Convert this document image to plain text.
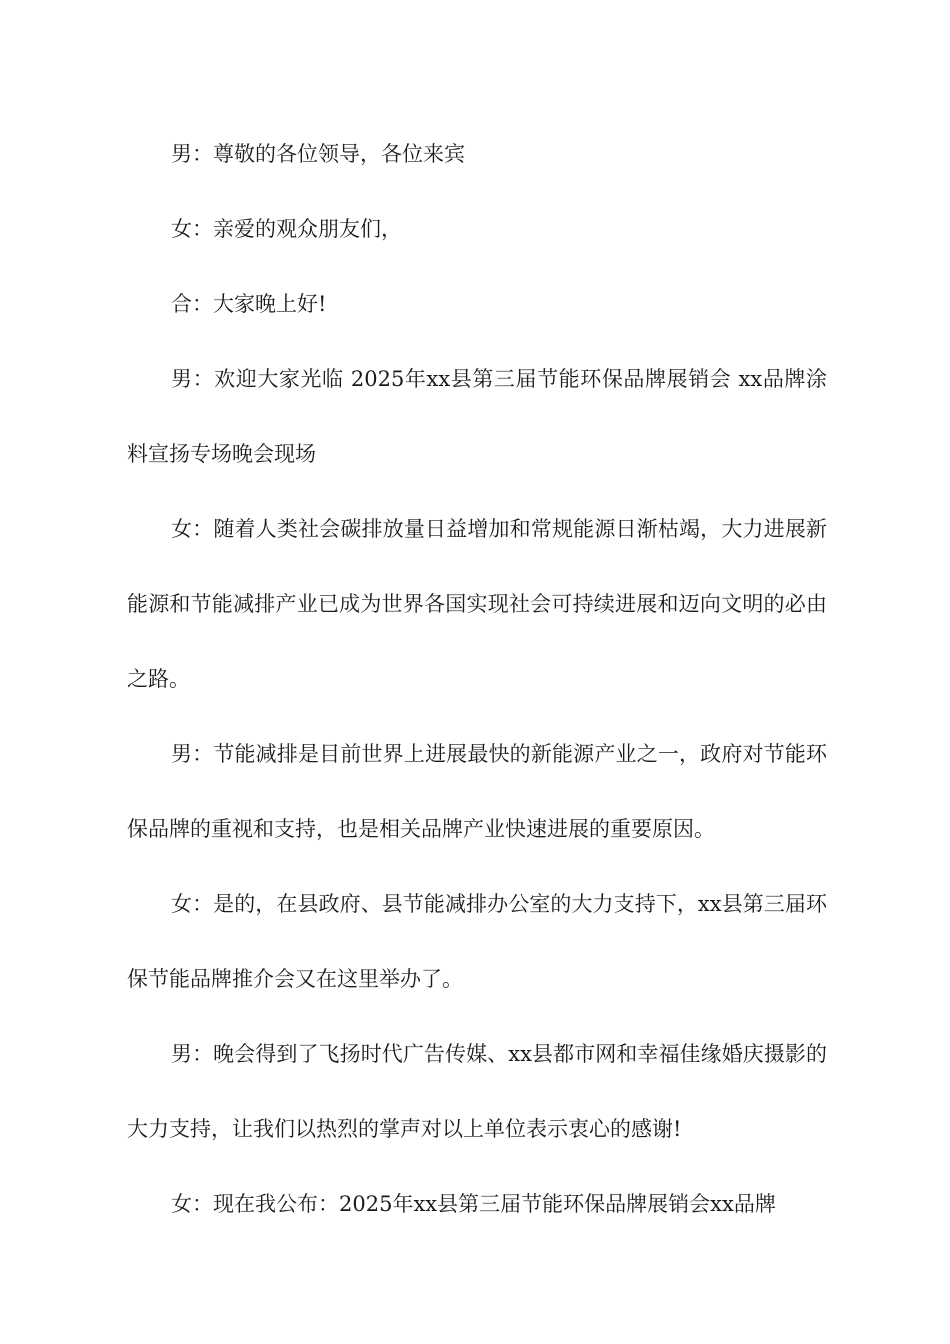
男：尊敬的各位领导，各位来宾

女：亲爱的观众朋友们，

合：大家晚上好!

男：欢迎大家光临 2025年xx县第三届节能环保品牌展销会 xx品牌涂料宣扬专场晚会现场

女：随着人类社会碳排放量日益增加和常规能源日渐枯竭，大力进展新能源和节能减排产业已成为世界各国实现社会可持续进展和迈向文明的必由之路。

男：节能减排是目前世界上进展最快的新能源产业之一，政府对节能环保品牌的重视和支持，也是相关品牌产业快速进展的重要原因。

女：是的，在县政府、县节能减排办公室的大力支持下，xx县第三届环保节能品牌推介会又在这里举办了。

男：晚会得到了飞扬时代广告传媒、xx县都市网和幸福佳缘婚庆摄影的大力支持，让我们以热烈的掌声对以上单位表示衷心的感谢!

女：现在我公布：2025年xx县第三届节能环保品牌展销会xx品牌
